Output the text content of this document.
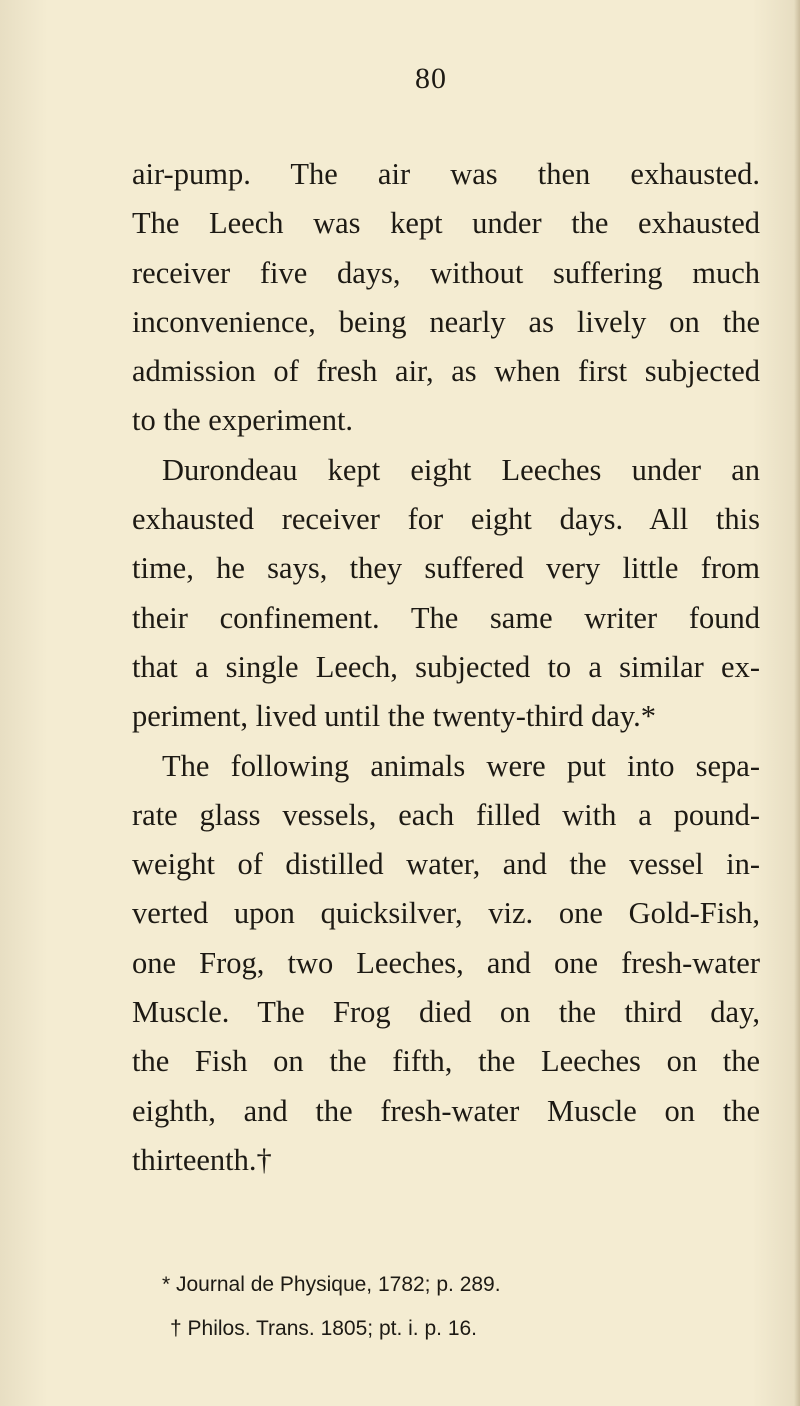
80
air-pump. The air was then exhausted.
The Leech was kept under the exhausted
receiver five days, without suffering much
inconvenience, being nearly as lively on the
admission of fresh air, as when first subjected
to the experiment.
Durondeau kept eight Leeches under an
exhausted receiver for eight days. All this
time, he says, they suffered very little from
their confinement. The same writer found
that a single Leech, subjected to a similar ex-
periment, lived until the twenty-third day.*
The following animals were put into sepa-
rate glass vessels, each filled with a pound-
weight of distilled water, and the vessel in-
verted upon quicksilver, viz. one Gold-Fish,
one Frog, two Leeches, and one fresh-water
Muscle. The Frog died on the third day,
the Fish on the fifth, the Leeches on the
eighth, and the fresh-water Muscle on the
thirteenth.†
* Journal de Physique, 1782; p. 289.
† Philos. Trans. 1805; pt. i. p. 16.
